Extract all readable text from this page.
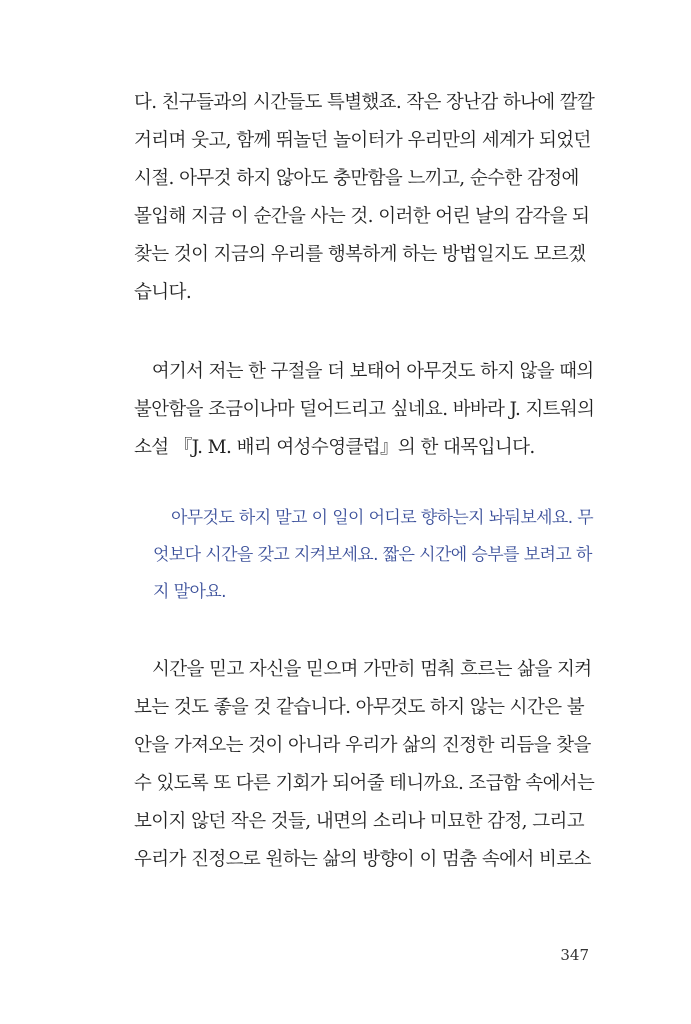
다. 친구들과의 시간들도 특별했죠. 작은 장난감 하나에 깔깔
거리며 웃고, 함께 뛰놀던 놀이터가 우리만의 세계가 되었던
시절. 아무것 하지 않아도 충만함을 느끼고, 순수한 감정에
몰입해 지금 이 순간을 사는 것. 이러한 어린 날의 감각을 되
찾는 것이 지금의 우리를 행복하게 하는 방법일지도 모르겠
습니다.

여기서 저는 한 구절을 더 보태어 아무것도 하지 않을 때의
불안함을 조금이나마 덜어드리고 싶네요. 바바라 J. 지트워의
소설 『J. M. 배리 여성수영클럽』의 한 대목입니다.

아무것도 하지 말고 이 일이 어디로 향하는지 놔둬보세요. 무
엇보다 시간을 갖고 지켜보세요. 짧은 시간에 승부를 보려고 하
지 말아요.

시간을 믿고 자신을 믿으며 가만히 멈춰 흐르는 삶을 지켜
보는 것도 좋을 것 같습니다. 아무것도 하지 않는 시간은 불
안을 가져오는 것이 아니라 우리가 삶의 진정한 리듬을 찾을
수 있도록 또 다른 기회가 되어줄 테니까요. 조급함 속에서는
보이지 않던 작은 것들, 내면의 소리나 미묘한 감정, 그리고
우리가 진정으로 원하는 삶의 방향이 이 멈춤 속에서 비로소

347
